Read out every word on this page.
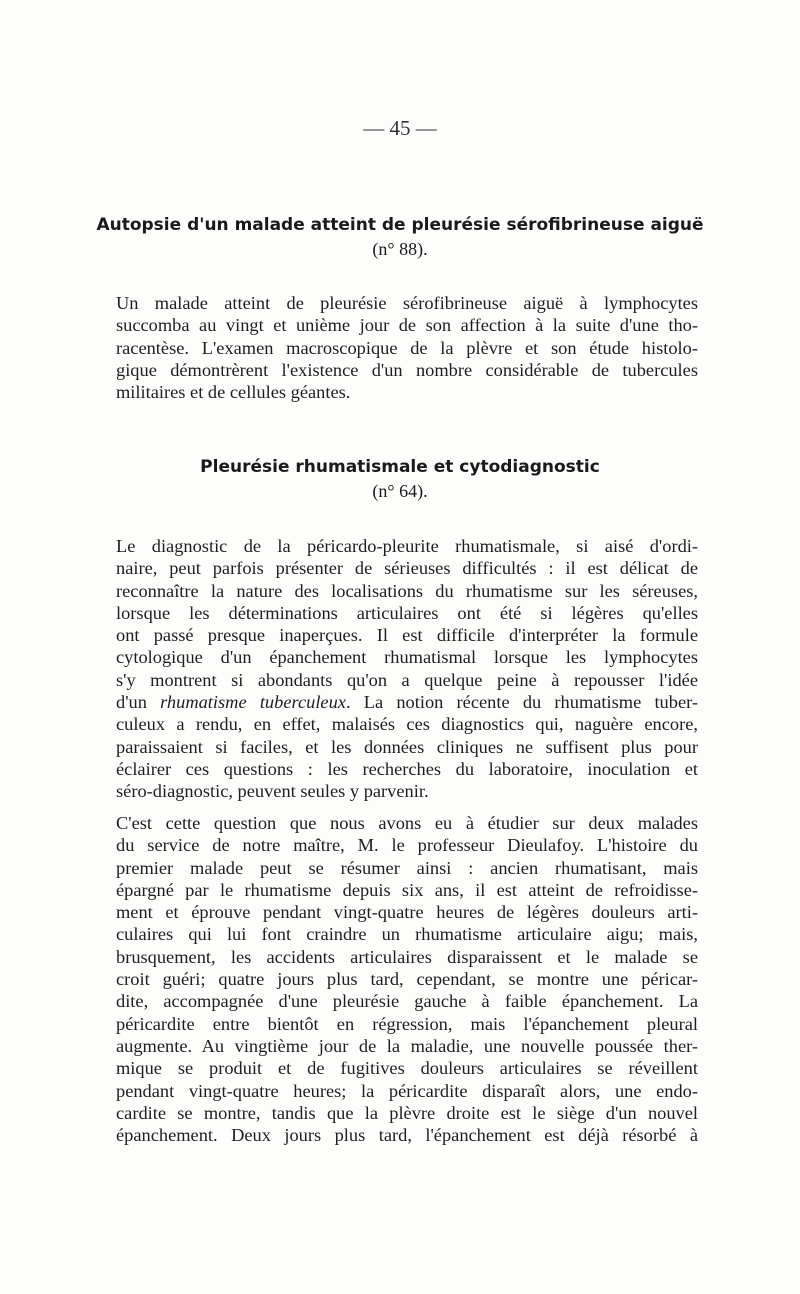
— 45 —
Autopsie d'un malade atteint de pleurésie sérofibrineuse aiguë
(n° 88).
Un malade atteint de pleurésie sérofibrineuse aiguë à lymphocytes
succomba au vingt et unième jour de son affection à la suite d'une tho-
racentèse. L'examen macroscopique de la plèvre et son étude histolo-
gique démontrèrent l'existence d'un nombre considérable de tubercules
militaires et de cellules géantes.
Pleurésie rhumatismale et cytodiagnostic
(n° 64).
Le diagnostic de la péricardo-pleurite rhumatismale, si aisé d'ordi-
naire, peut parfois présenter de sérieuses difficultés : il est délicat de
reconnaître la nature des localisations du rhumatisme sur les séreuses,
lorsque les déterminations articulaires ont été si légères qu'elles
ont passé presque inaperçues. Il est difficile d'interpréter la formule
cytologique d'un épanchement rhumatismal lorsque les lymphocytes
s'y montrent si abondants qu'on a quelque peine à repousser l'idée
d'un rhumatisme tuberculeux. La notion récente du rhumatisme tuber-
culeux a rendu, en effet, malaisés ces diagnostics qui, naguère encore,
paraissaient si faciles, et les données cliniques ne suffisent plus pour
éclairer ces questions : les recherches du laboratoire, inoculation et
séro-diagnostic, peuvent seules y parvenir.
C'est cette question que nous avons eu à étudier sur deux malades
du service de notre maître, M. le professeur Dieulafoy. L'histoire du
premier malade peut se résumer ainsi : ancien rhumatisant, mais
épargné par le rhumatisme depuis six ans, il est atteint de refroidisse-
ment et éprouve pendant vingt-quatre heures de légères douleurs arti-
culaires qui lui font craindre un rhumatisme articulaire aigu; mais,
brusquement, les accidents articulaires disparaissent et le malade se
croit guéri; quatre jours plus tard, cependant, se montre une péricar-
dite, accompagnée d'une pleurésie gauche à faible épanchement. La
péricardite entre bientôt en régression, mais l'épanchement pleural
augmente. Au vingtième jour de la maladie, une nouvelle poussée ther-
mique se produit et de fugitives douleurs articulaires se réveillent
pendant vingt-quatre heures; la péricardite disparaît alors, une endo-
cardite se montre, tandis que la plèvre droite est le siège d'un nouvel
épanchement. Deux jours plus tard, l'épanchement est déjà résorbé à
